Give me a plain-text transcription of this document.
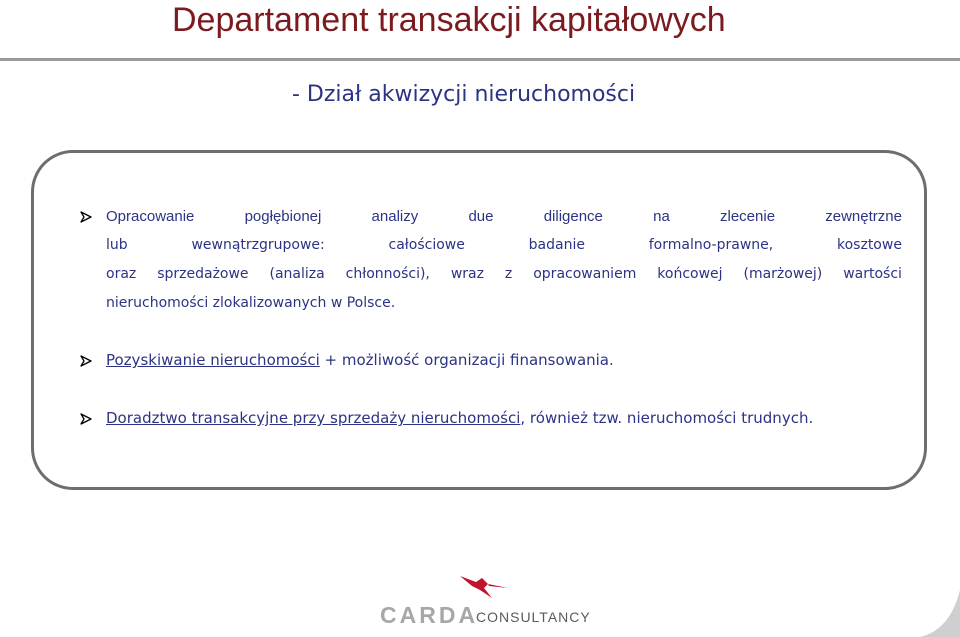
Departament transakcji kapitałowych
- Dział akwizycji nieruchomości
Opracowanie	pogłębionej	analizy	due	diligence	na	zlecenie	zewnętrzne
lub	wewnątrzgrupowe:	całościowe	badanie	formalno-prawne,	kosztowe
oraz sprzedażowe (analiza chłonności), wraz z opracowaniem końcowej (marżowej) wartości
nieruchomości zlokalizowanych w Polsce.
Pozyskiwanie nieruchomości + możliwość organizacji finansowania.
Doradztwo transakcyjne przy sprzedaży nieruchomości, również tzw. nieruchomości trudnych.
CARDA
CONSULTANCY
